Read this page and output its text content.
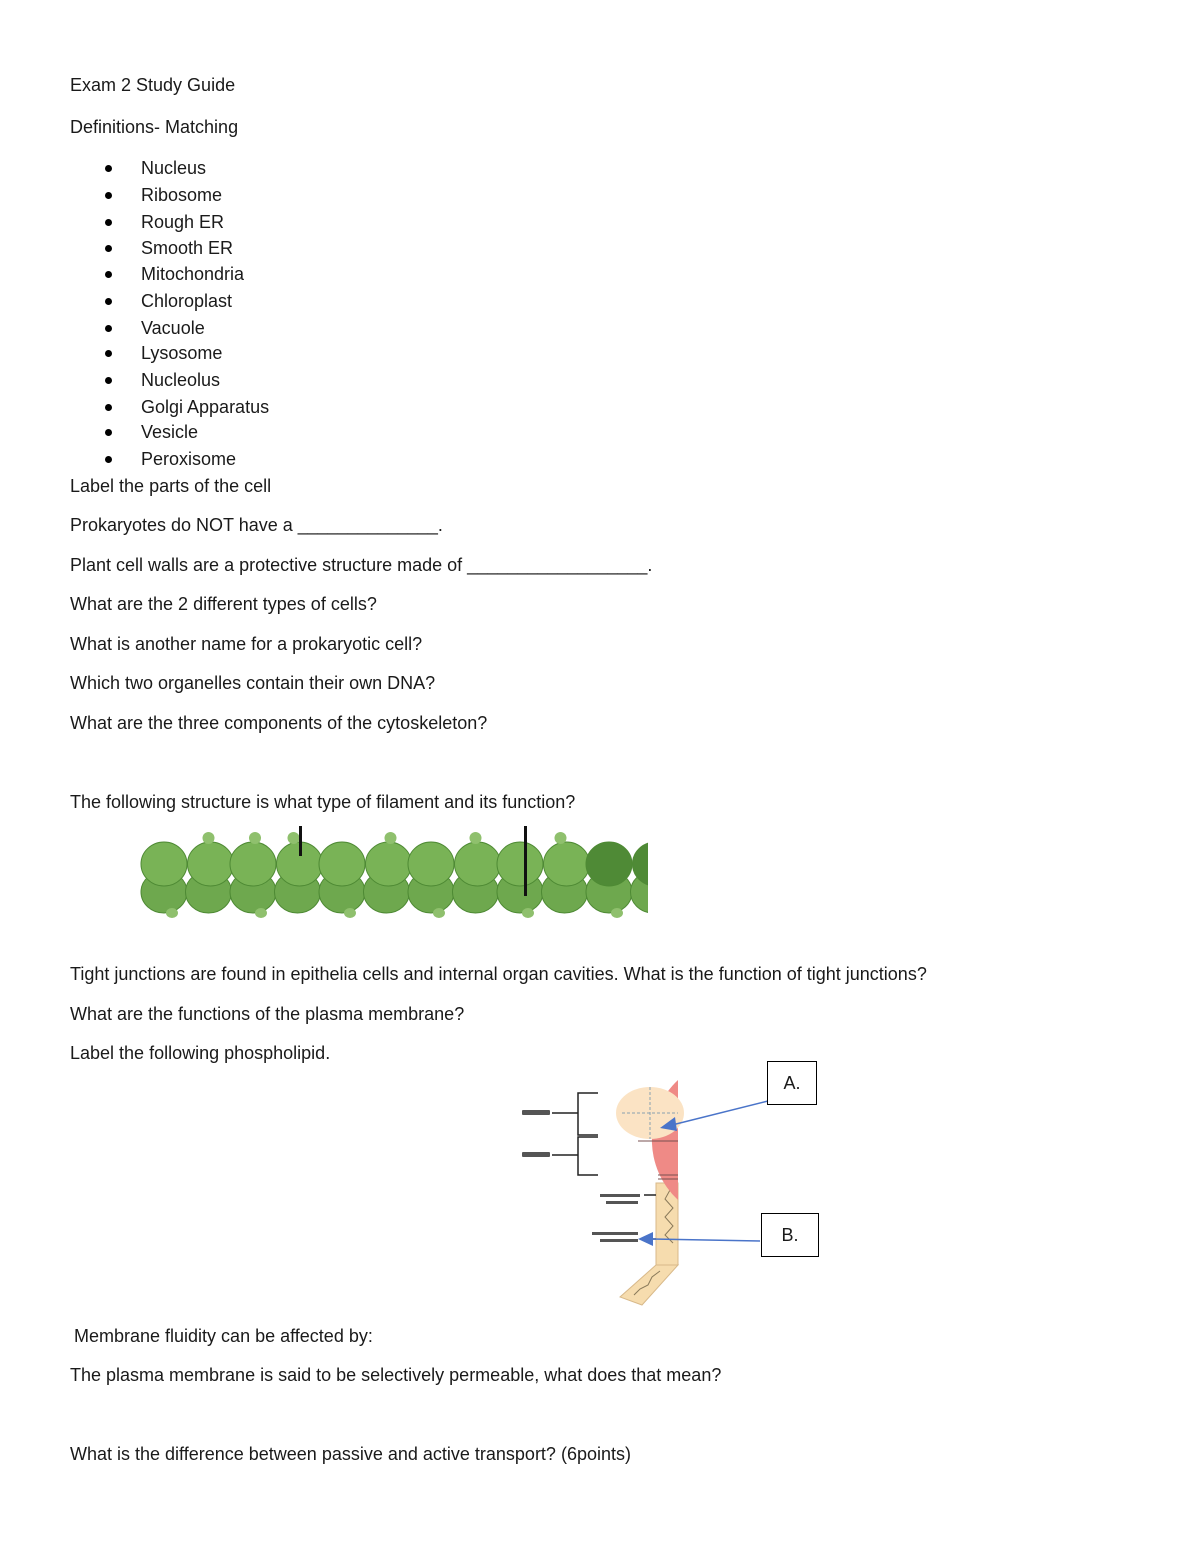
Exam 2 Study Guide
Definitions- Matching
Nucleus
Ribosome
Rough ER
Smooth ER
Mitochondria
Chloroplast
Vacuole
Lysosome
Nucleolus
Golgi Apparatus
Vesicle
Peroxisome
Label the parts of the cell
Prokaryotes do NOT have a ______________.
Plant cell walls are a protective structure made of __________________.
What are the 2 different types of cells?
What is another name for a prokaryotic cell?
Which two organelles contain their own DNA?
What are the three components of the cytoskeleton?
The following structure is what type of filament and its function?
Tight junctions are found in epithelia cells and internal organ cavities. What is the function of tight junctions?
What are the functions of the plasma membrane?
Label the following phospholipid.
A.
B.
Membrane fluidity can be affected by:
The plasma membrane is said to be selectively permeable, what does that mean?
What is the difference between passive and active transport? (6points)
